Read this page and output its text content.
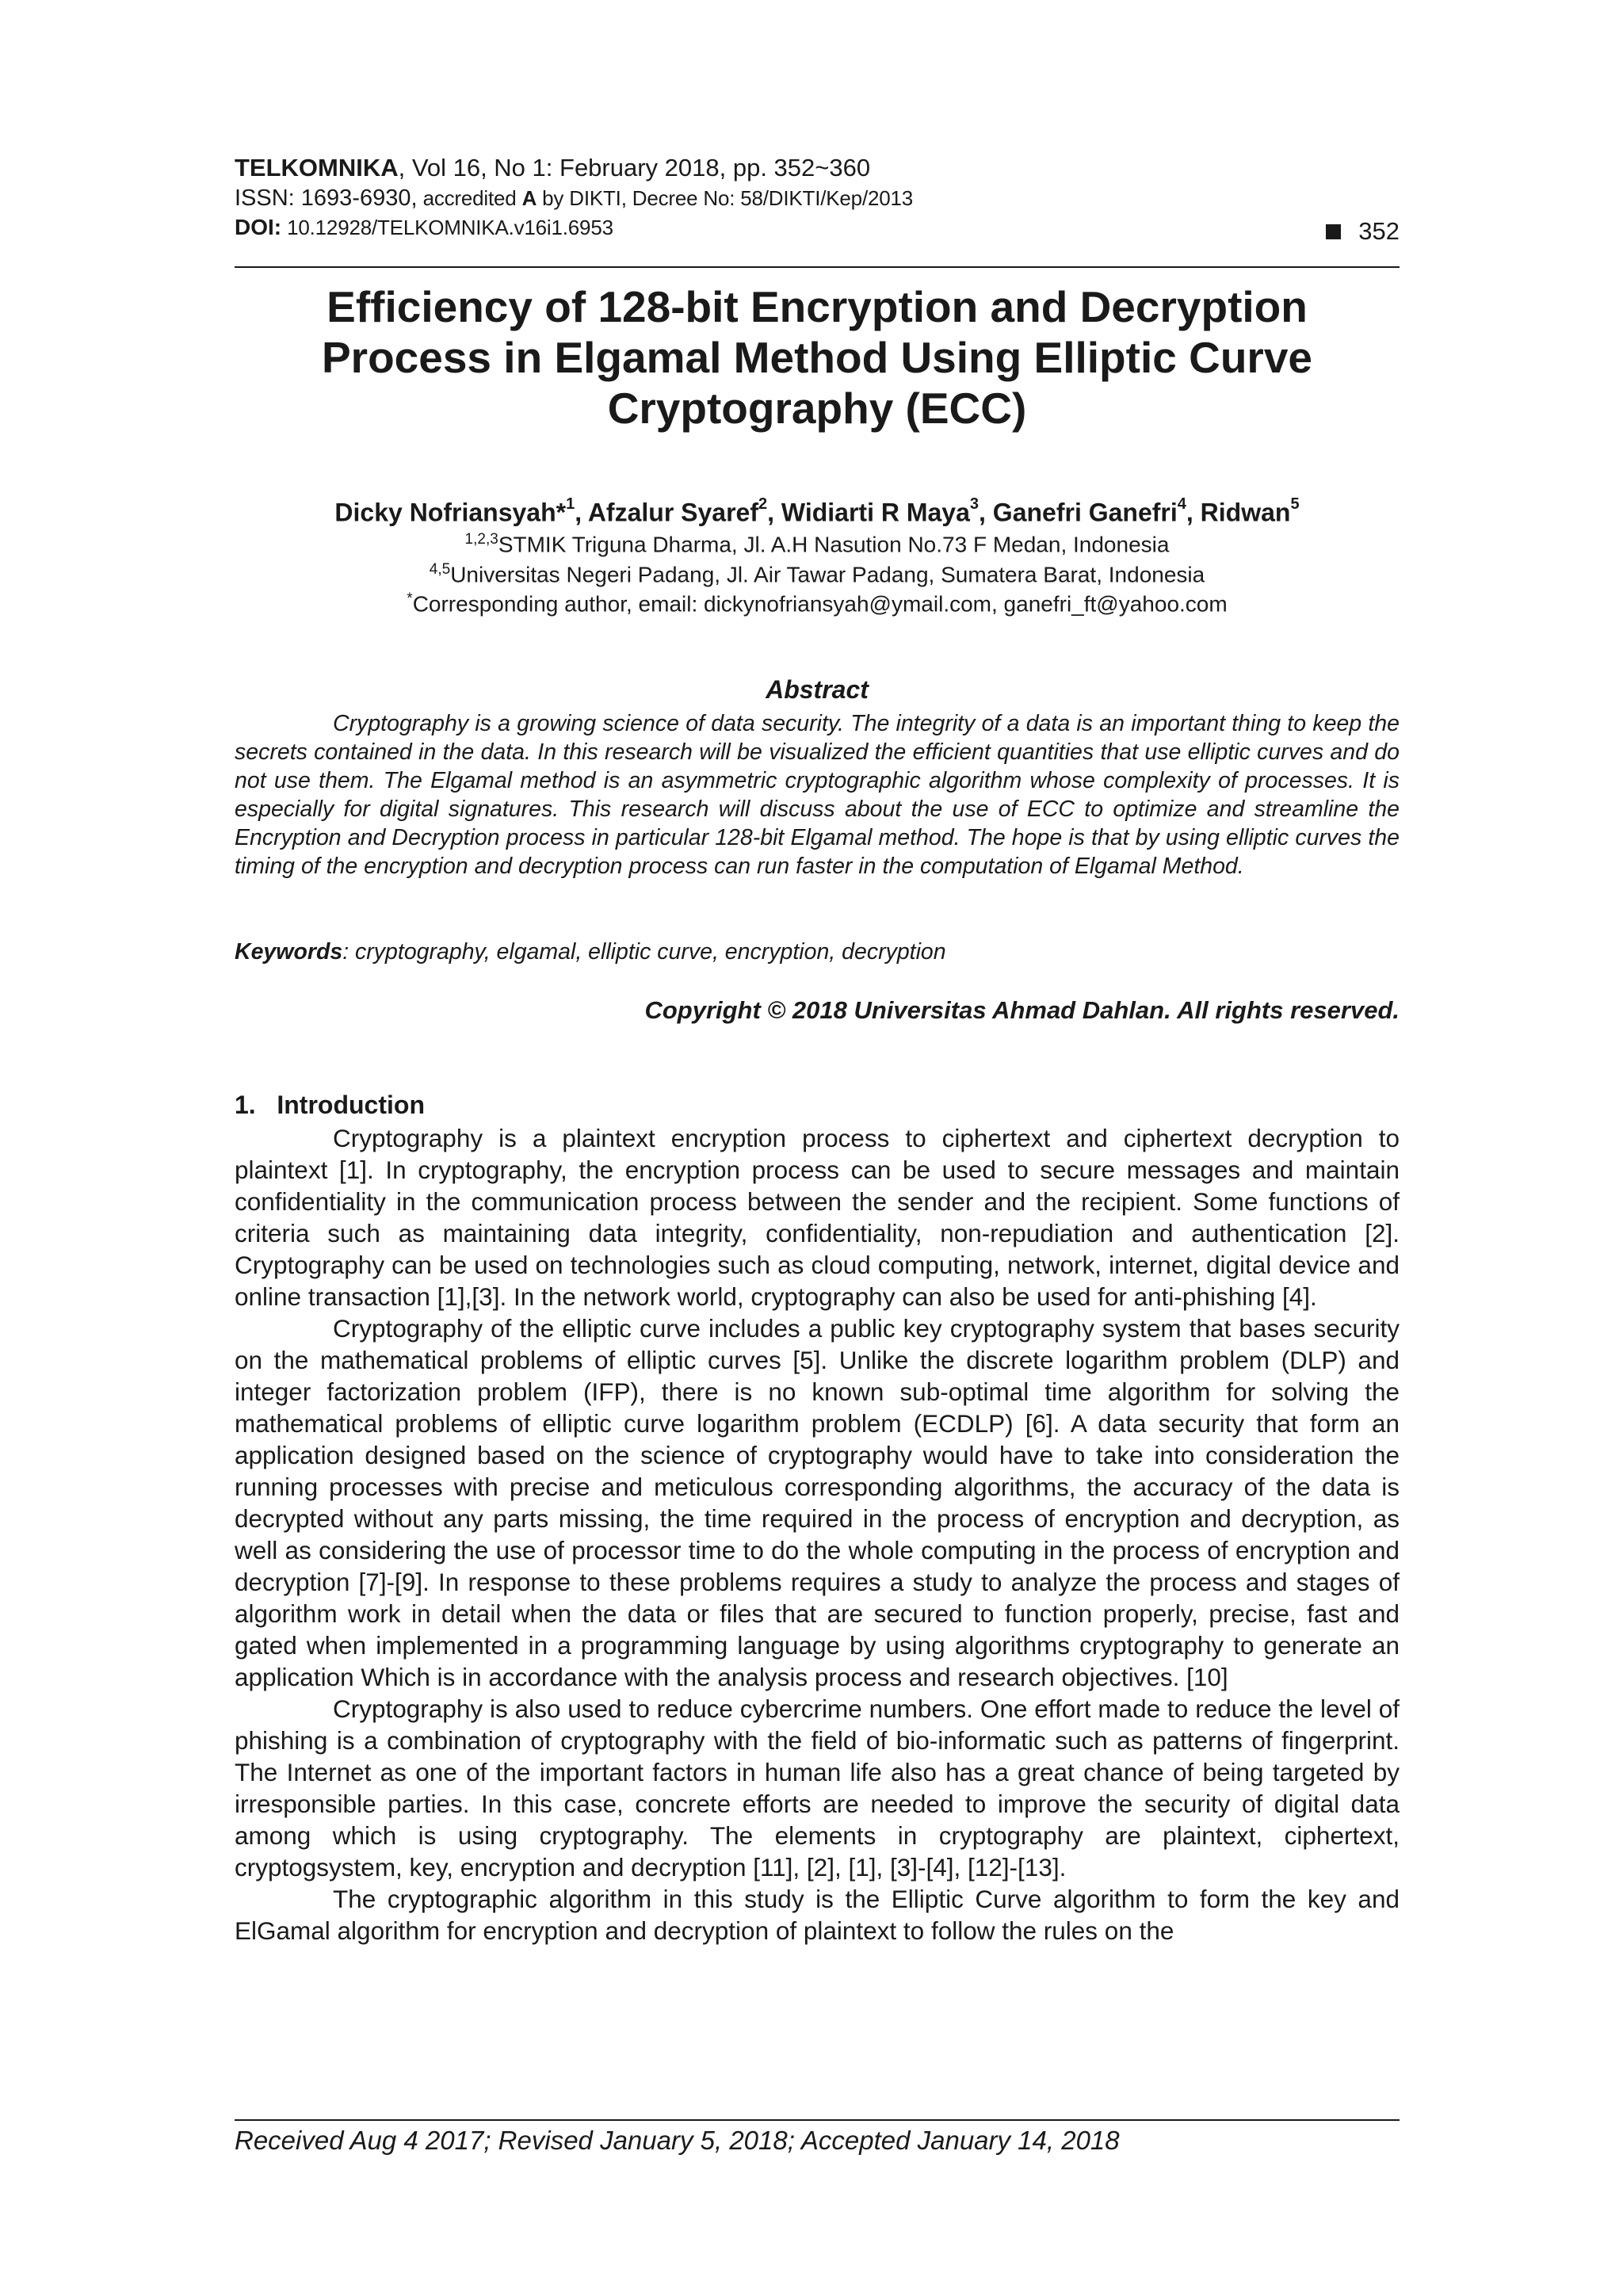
TELKOMNIKA, Vol 16, No 1: February 2018, pp. 352~360
ISSN: 1693-6930, accredited A by DIKTI, Decree No: 58/DIKTI/Kep/2013
DOI: 10.12928/TELKOMNIKA.v16i1.6953	352
Efficiency of 128-bit Encryption and Decryption
Process in Elgamal Method Using Elliptic Curve
Cryptography (ECC)
Dicky Nofriansyah*$^1$, Afzalur Syaref$^2$, Widiarti R Maya$^3$, Ganefri Ganefri$^4$, Ridwan$^5$
$^{1,2,3}$STMIK Triguna Dharma, Jl. A.H Nasution No.73 F Medan, Indonesia
$^{4,5}$Universitas Negeri Padang, Jl. Air Tawar Padang, Sumatera Barat, Indonesia
*Corresponding author, email: dickynofriansyah@ymail.com, ganefri_ft@yahoo.com
Abstract
Cryptography is a growing science of data security. The integrity of a data is an important thing to keep the secrets contained in the data. In this research will be visualized the efficient quantities that use elliptic curves and do not use them. The Elgamal method is an asymmetric cryptographic algorithm whose complexity of processes. It is especially for digital signatures. This research will discuss about the use of ECC to optimize and streamline the Encryption and Decryption process in particular 128-bit Elgamal method. The hope is that by using elliptic curves the timing of the encryption and decryption process can run faster in the computation of Elgamal Method.
Keywords: cryptography, elgamal, elliptic curve, encryption, decryption
Copyright © 2018 Universitas Ahmad Dahlan. All rights reserved.
1.   Introduction

Cryptography is a plaintext encryption process to ciphertext and ciphertext decryption to plaintext [1]. In cryptography, the encryption process can be used to secure messages and maintain confidentiality in the communication process between the sender and the recipient. Some functions of criteria such as maintaining data integrity, confidentiality, non-repudiation and authentication [2]. Cryptography can be used on technologies such as cloud computing, network, internet, digital device and online transaction [1],[3]. In the network world, cryptography can also be used for anti-phishing [4].

Cryptography of the elliptic curve includes a public key cryptography system that bases security on the mathematical problems of elliptic curves [5]. Unlike the discrete logarithm problem (DLP) and integer factorization problem (IFP), there is no known sub-optimal time algorithm for solving the mathematical problems of elliptic curve logarithm problem (ECDLP) [6]. A data security that form an application designed based on the science of cryptography would have to take into consideration the running processes with precise and meticulous corresponding algorithms, the accuracy of the data is decrypted without any parts missing, the time required in the process of encryption and decryption, as well as considering the use of processor time to do the whole computing in the process of encryption and decryption [7]-[9]. In response to these problems requires a study to analyze the process and stages of algorithm work in detail when the data or files that are secured to function properly, precise, fast and gated when implemented in a programming language by using algorithms cryptography to generate an application Which is in accordance with the analysis process and research objectives. [10]

Cryptography is also used to reduce cybercrime numbers. One effort made to reduce the level of phishing is a combination of cryptography with the field of bio-informatic such as patterns of fingerprint. The Internet as one of the important factors in human life also has a great chance of being targeted by irresponsible parties. In this case, concrete efforts are needed to improve the security of digital data among which is using cryptography. The elements in cryptography are plaintext, ciphertext, cryptogsystem, key, encryption and decryption [11], [2], [1], [3]-[4], [12]-[13].

The cryptographic algorithm in this study is the Elliptic Curve algorithm to form the key and ElGamal algorithm for encryption and decryption of plaintext to follow the rules on the

Received Aug 4 2017; Revised January 5, 2018; Accepted January 14, 2018
